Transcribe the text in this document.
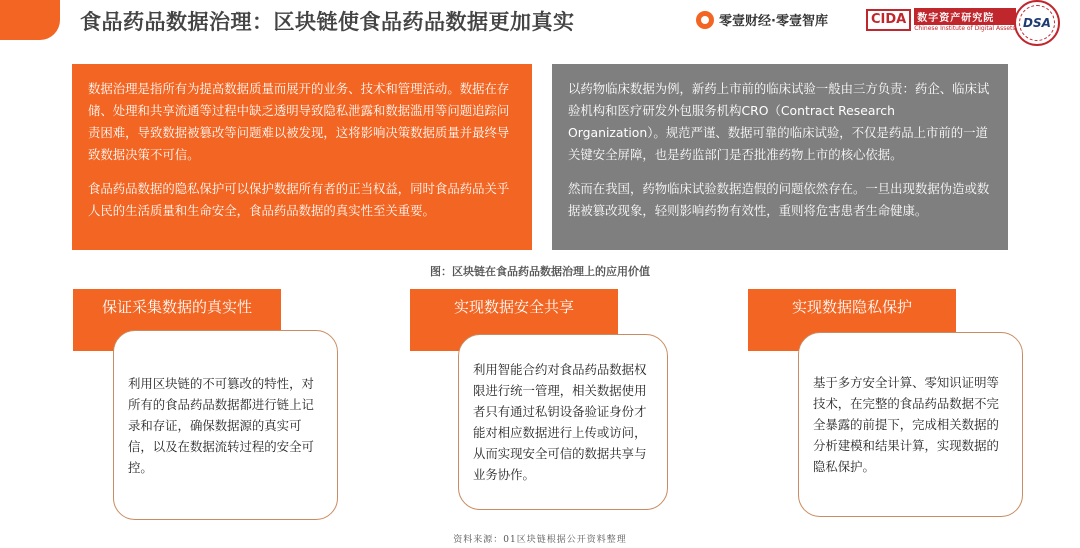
食品药品数据治理：区块链使食品药品数据更加真实	零壹财经·零壹智库	CIDA	数字资产研究院
Chinese Institute of Digital Assets DSA

数据治理是指所有为提高数据质量而展开的业务、技术和管理活动。数据在存储、处理和共享流通等过程中缺乏透明导致隐私泄露和数据滥用等问题追踪问责困难，导致数据被篡改等问题难以被发现，这将影响决策数据质量并最终导致数据决策不可信。

食品药品数据的隐私保护可以保护数据所有者的正当权益，同时食品药品关乎人民的生活质量和生命安全，食品药品数据的真实性至关重要。

以药物临床数据为例，新药上市前的临床试验一般由三方负责：药企、临床试验机构和医疗研发外包服务机构CRO（Contract Research Organization）。规范严谨、数据可靠的临床试验，不仅是药品上市前的一道关键安全屏障，也是药监部门是否批准药物上市的核心依据。

然而在我国，药物临床试验数据造假的问题依然存在。一旦出现数据伪造或数据被篡改现象，轻则影响药物有效性，重则将危害患者生命健康。

图：区块链在食品药品数据治理上的应用价值
保证采集数据的真实性	实现数据安全共享	实现数据隐私保护
利用区块链的不可篡改的特性，对所有的食品药品数据都进行链上记录和存证，确保数据源的真实可信，以及在数据流转过程的安全可控。
利用智能合约对食品药品数据权限进行统一管理，相关数据使用者只有通过私钥设备验证身份才能对相应数据进行上传或访问，从而实现安全可信的数据共享与业务协作。
基于多方安全计算、零知识证明等技术，在完整的食品药品数据不完全暴露的前提下，完成相关数据的分析建模和结果计算，实现数据的隐私保护。
资料来源：01区块链根据公开资料整理
